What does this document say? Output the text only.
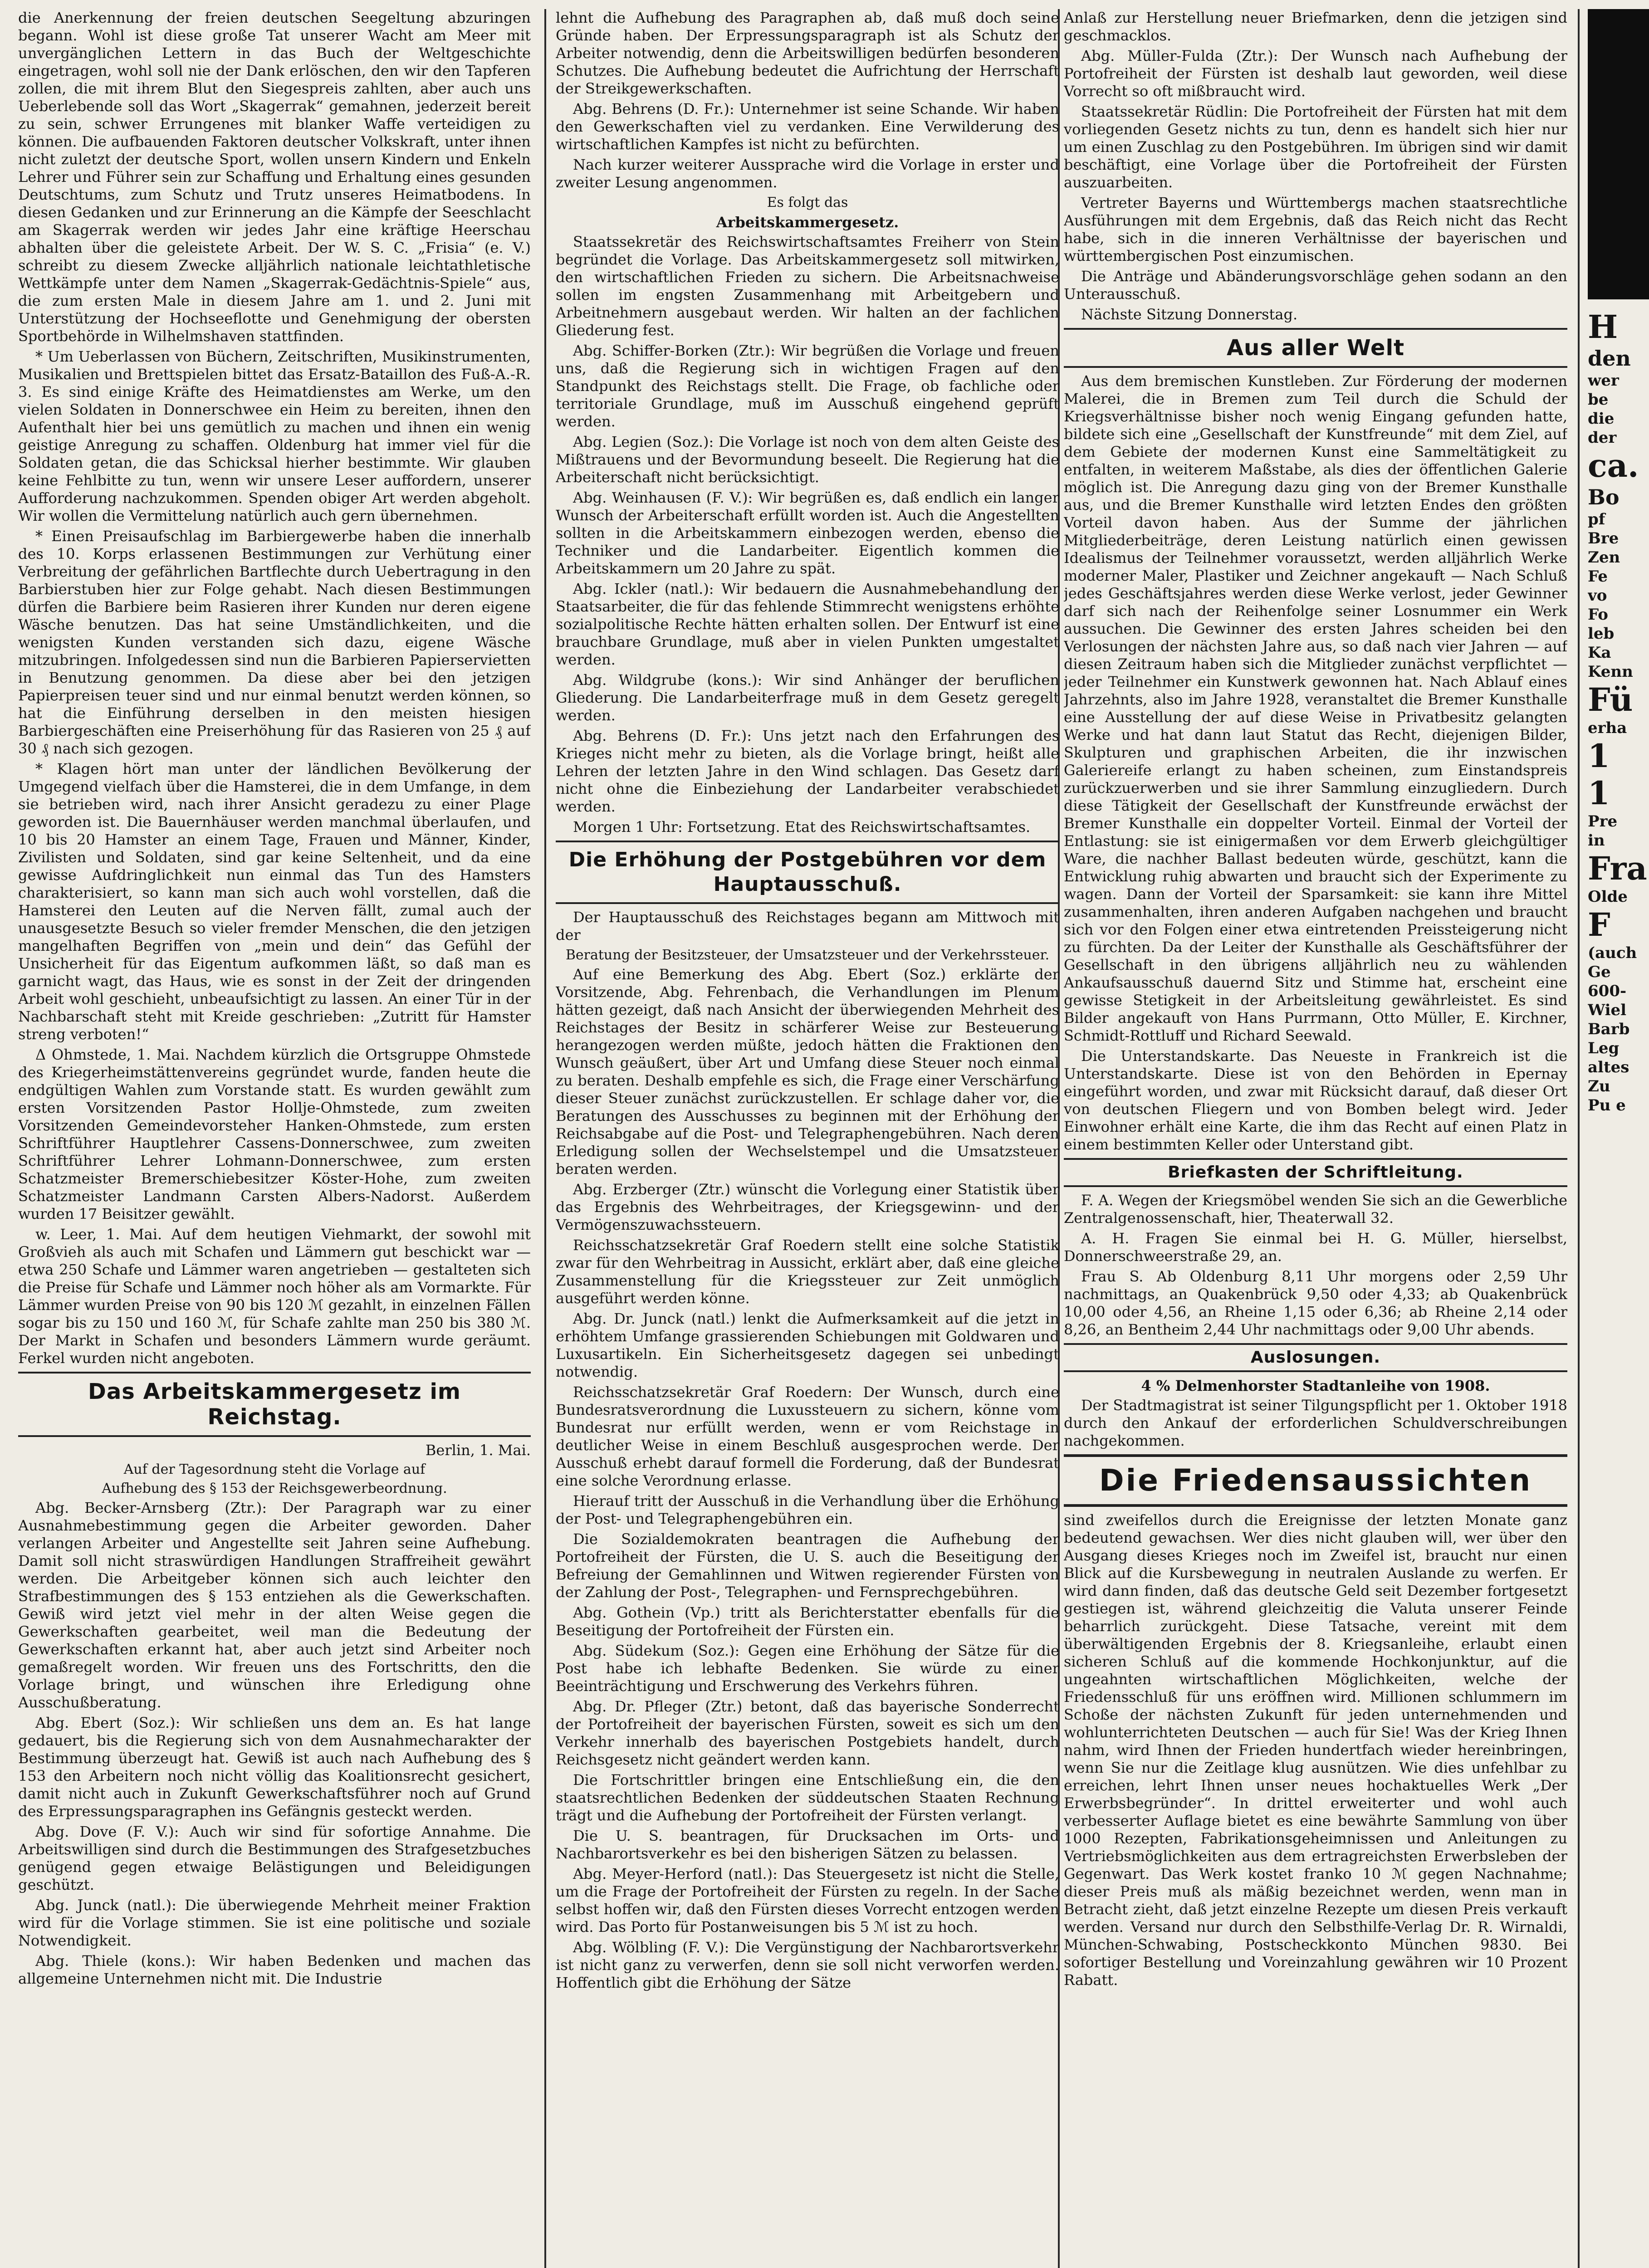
die Anerkennung der freien deutschen Seegeltung abzuringen begann. Wohl ist diese große Tat unserer Wacht am Meer mit unvergänglichen Lettern in das Buch der Weltgeschichte eingetragen, wohl soll nie der Dank erlöschen, den wir den Tapferen zollen, die mit ihrem Blut den Siegespreis zahlten, aber auch uns Ueberlebende soll das Wort „Skagerrak“ gemahnen, jederzeit bereit zu sein, schwer Errungenes mit blanker Waffe verteidigen zu können. Die aufbauenden Faktoren deutscher Volkskraft, unter ihnen nicht zuletzt der deutsche Sport, wollen unsern Kindern und Enkeln Lehrer und Führer sein zur Schaffung und Erhaltung eines gesunden Deutschtums, zum Schutz und Trutz unseres Heimatbodens. In diesen Gedanken und zur Erinnerung an die Kämpfe der Seeschlacht am Skagerrak werden wir jedes Jahr eine kräftige Heerschau abhalten über die geleistete Arbeit. Der W. S. C. „Frisia“ (e. V.) schreibt zu diesem Zwecke alljährlich nationale leichtathletische Wettkämpfe unter dem Namen „Skagerrak-Gedächtnis-Spiele“ aus, die zum ersten Male in diesem Jahre am 1. und 2. Juni mit Unterstützung der Hochseeflotte und Genehmigung der obersten Sportbehörde in Wilhelmshaven stattfinden.

* Um Ueberlassen von Büchern, Zeitschriften, Musikinstrumenten, Musikalien und Brettspielen bittet das Ersatz-Bataillon des Fuß-A.-R. 3. Es sind einige Kräfte des Heimatdienstes am Werke, um den vielen Soldaten in Donnerschwee ein Heim zu bereiten, ihnen den Aufenthalt hier bei uns gemütlich zu machen und ihnen ein wenig geistige Anregung zu schaffen. Oldenburg hat immer viel für die Soldaten getan, die das Schicksal hierher bestimmte. Wir glauben keine Fehlbitte zu tun, wenn wir unsere Leser auffordern, unserer Aufforderung nachzukommen. Spenden obiger Art werden abgeholt. Wir wollen die Vermittelung natürlich auch gern übernehmen.

* Einen Preisaufschlag im Barbiergewerbe haben die innerhalb des 10. Korps erlassenen Bestimmungen zur Verhütung einer Verbreitung der gefährlichen Bartflechte durch Uebertragung in den Barbierstuben hier zur Folge gehabt. Nach diesen Bestimmungen dürfen die Barbiere beim Rasieren ihrer Kunden nur deren eigene Wäsche benutzen. Das hat seine Umständlichkeiten, und die wenigsten Kunden verstanden sich dazu, eigene Wäsche mitzubringen. Infolgedessen sind nun die Barbieren Papierservietten in Benutzung genommen. Da diese aber bei den jetzigen Papierpreisen teuer sind und nur einmal benutzt werden können, so hat die Einführung derselben in den meisten hiesigen Barbiergeschäften eine Preiserhöhung für das Rasieren von 25 ₰ auf 30 ₰ nach sich gezogen.

* Klagen hört man unter der ländlichen Bevölkerung der Umgegend vielfach über die Hamsterei, die in dem Umfange, in dem sie betrieben wird, nach ihrer Ansicht geradezu zu einer Plage geworden ist. Die Bauernhäuser werden manchmal überlaufen, und 10 bis 20 Hamster an einem Tage, Frauen und Männer, Kinder, Zivilisten und Soldaten, sind gar keine Seltenheit, und da eine gewisse Aufdringlichkeit nun einmal das Tun des Hamsters charakterisiert, so kann man sich auch wohl vorstellen, daß die Hamsterei den Leuten auf die Nerven fällt, zumal auch der unausgesetzte Besuch so vieler fremder Menschen, die den jetzigen mangelhaften Begriffen von „mein und dein“ das Gefühl der Unsicherheit für das Eigentum aufkommen läßt, so daß man es garnicht wagt, das Haus, wie es sonst in der Zeit der dringenden Arbeit wohl geschieht, unbeaufsichtigt zu lassen. An einer Tür in der Nachbarschaft steht mit Kreide geschrieben: „Zutritt für Hamster streng verboten!“

Δ Ohmstede, 1. Mai. Nachdem kürzlich die Ortsgruppe Ohmstede des Kriegerheimstättenvereins gegründet wurde, fanden heute die endgültigen Wahlen zum Vorstande statt. Es wurden gewählt zum ersten Vorsitzenden Pastor Hollje-Ohmstede, zum zweiten Vorsitzenden Gemeindevorsteher Hanken-Ohmstede, zum ersten Schriftführer Hauptlehrer Cassens-Donnerschwee, zum zweiten Schriftführer Lehrer Lohmann-Donnerschwee, zum ersten Schatzmeister Bremerschiebesitzer Köster-Hohe, zum zweiten Schatzmeister Landmann Carsten Albers-Nadorst. Außerdem wurden 17 Beisitzer gewählt.

w. Leer, 1. Mai. Auf dem heutigen Viehmarkt, der sowohl mit Großvieh als auch mit Schafen und Lämmern gut beschickt war — etwa 250 Schafe und Lämmer waren angetrieben — gestalteten sich die Preise für Schafe und Lämmer noch höher als am Vormarkte. Für Lämmer wurden Preise von 90 bis 120 ℳ gezahlt, in einzelnen Fällen sogar bis zu 150 und 160 ℳ, für Schafe zahlte man 250 bis 380 ℳ. Der Markt in Schafen und besonders Lämmern wurde geräumt. Ferkel wurden nicht angeboten.

Das Arbeitskammergesetz im Reichstag.
Berlin, 1. Mai.
Auf der Tagesordnung steht die Vorlage auf
Aufhebung des § 153 der Reichsgewerbeordnung.

Abg. Becker-Arnsberg (Ztr.): Der Paragraph war zu einer Ausnahmebestimmung gegen die Arbeiter geworden. Daher verlangen Arbeiter und Angestellte seit Jahren seine Aufhebung. Damit soll nicht straswürdigen Handlungen Straffreiheit gewährt werden. Die Arbeitgeber können sich auch leichter den Strafbestimmungen des § 153 entziehen als die Gewerkschaften. Gewiß wird jetzt viel mehr in der alten Weise gegen die Gewerkschaften gearbeitet, weil man die Bedeutung der Gewerkschaften erkannt hat, aber auch jetzt sind Arbeiter noch gemaßregelt worden. Wir freuen uns des Fortschritts, den die Vorlage bringt, und wünschen ihre Erledigung ohne Ausschußberatung.

Abg. Ebert (Soz.): Wir schließen uns dem an. Es hat lange gedauert, bis die Regierung sich von dem Ausnahmecharakter der Bestimmung überzeugt hat. Gewiß ist auch nach Aufhebung des § 153 den Arbeitern noch nicht völlig das Koalitionsrecht gesichert, damit nicht auch in Zukunft Gewerkschaftsführer noch auf Grund des Erpressungsparagraphen ins Gefängnis gesteckt werden.

Abg. Dove (F. V.): Auch wir sind für sofortige Annahme. Die Arbeitswilligen sind durch die Bestimmungen des Strafgesetzbuches genügend gegen etwaige Belästigungen und Beleidigungen geschützt.

Abg. Junck (natl.): Die überwiegende Mehrheit meiner Fraktion wird für die Vorlage stimmen. Sie ist eine politische und soziale Notwendigkeit.

Abg. Thiele (kons.): Wir haben Bedenken und machen das allgemeine Unternehmen nicht mit. Die Industrie

lehnt die Aufhebung des Paragraphen ab, daß muß doch seine Gründe haben. Der Erpressungsparagraph ist als Schutz der Arbeiter notwendig, denn die Arbeitswilligen bedürfen besonderen Schutzes. Die Aufhebung bedeutet die Aufrichtung der Herrschaft der Streikgewerkschaften.

Abg. Behrens (D. Fr.): Unternehmer ist seine Schande. Wir haben den Gewerkschaften viel zu verdanken. Eine Verwilderung des wirtschaftlichen Kampfes ist nicht zu befürchten.

Nach kurzer weiterer Aussprache wird die Vorlage in erster und zweiter Lesung angenommen.

Es folgt das
Arbeitskammergesetz.

Staatssekretär des Reichswirtschaftsamtes Freiherr von Stein begründet die Vorlage. Das Arbeitskammergesetz soll mitwirken, den wirtschaftlichen Frieden zu sichern. Die Arbeitsnachweise sollen im engsten Zusammenhang mit Arbeitgebern und Arbeitnehmern ausgebaut werden. Wir halten an der fachlichen Gliederung fest.

Abg. Schiffer-Borken (Ztr.): Wir begrüßen die Vorlage und freuen uns, daß die Regierung sich in wichtigen Fragen auf den Standpunkt des Reichstags stellt. Die Frage, ob fachliche oder territoriale Grundlage, muß im Ausschuß eingehend geprüft werden.

Abg. Legien (Soz.): Die Vorlage ist noch von dem alten Geiste des Mißtrauens und der Bevormundung beseelt. Die Regierung hat die Arbeiterschaft nicht berücksichtigt.

Abg. Weinhausen (F. V.): Wir begrüßen es, daß endlich ein langer Wunsch der Arbeiterschaft erfüllt worden ist. Auch die Angestellten sollten in die Arbeitskammern einbezogen werden, ebenso die Techniker und die Landarbeiter. Eigentlich kommen die Arbeitskammern um 20 Jahre zu spät.

Abg. Ickler (natl.): Wir bedauern die Ausnahmebehandlung der Staatsarbeiter, die für das fehlende Stimmrecht wenigstens erhöhte sozialpolitische Rechte hätten erhalten sollen. Der Entwurf ist eine brauchbare Grundlage, muß aber in vielen Punkten umgestaltet werden.

Abg. Wildgrube (kons.): Wir sind Anhänger der beruflichen Gliederung. Die Landarbeiterfrage muß in dem Gesetz geregelt werden.

Abg. Behrens (D. Fr.): Uns jetzt nach den Erfahrungen des Krieges nicht mehr zu bieten, als die Vorlage bringt, heißt alle Lehren der letzten Jahre in den Wind schlagen. Das Gesetz darf nicht ohne die Einbeziehung der Landarbeiter verabschiedet werden.

Morgen 1 Uhr: Fortsetzung. Etat des Reichswirtschaftsamtes.

Die Erhöhung der Postgebühren vor dem Hauptausschuß.

Der Hauptausschuß des Reichstages begann am Mittwoch mit der

Beratung der Besitzsteuer, der Umsatzsteuer und der Verkehrssteuer.

Auf eine Bemerkung des Abg. Ebert (Soz.) erklärte der Vorsitzende, Abg. Fehrenbach, die Verhandlungen im Plenum hätten gezeigt, daß nach Ansicht der überwiegenden Mehrheit des Reichstages der Besitz in schärferer Weise zur Besteuerung herangezogen werden müßte, jedoch hätten die Fraktionen den Wunsch geäußert, über Art und Umfang diese Steuer noch einmal zu beraten. Deshalb empfehle es sich, die Frage einer Verschärfung dieser Steuer zunächst zurückzustellen. Er schlage daher vor, die Beratungen des Ausschusses zu beginnen mit der Erhöhung der Reichsabgabe auf die Post- und Telegraphengebühren. Nach deren Erledigung sollen der Wechselstempel und die Umsatzsteuer beraten werden.

Abg. Erzberger (Ztr.) wünscht die Vorlegung einer Statistik über das Ergebnis des Wehrbeitrages, der Kriegsgewinn- und der Vermögenszuwachssteuern.

Reichsschatzsekretär Graf Roedern stellt eine solche Statistik zwar für den Wehrbeitrag in Aussicht, erklärt aber, daß eine gleiche Zusammenstellung für die Kriegssteuer zur Zeit unmöglich ausgeführt werden könne.

Abg. Dr. Junck (natl.) lenkt die Aufmerksamkeit auf die jetzt in erhöhtem Umfange grassierenden Schiebungen mit Goldwaren und Luxusartikeln. Ein Sicherheitsgesetz dagegen sei unbedingt notwendig.

Reichsschatzsekretär Graf Roedern: Der Wunsch, durch eine Bundesratsverordnung die Luxussteuern zu sichern, könne vom Bundesrat nur erfüllt werden, wenn er vom Reichstage in deutlicher Weise in einem Beschluß ausgesprochen werde. Der Ausschuß erhebt darauf formell die Forderung, daß der Bundesrat eine solche Verordnung erlasse.

Hierauf tritt der Ausschuß in die Verhandlung über die Erhöhung der Post- und Telegraphengebühren ein.

Die Sozialdemokraten beantragen die Aufhebung der Portofreiheit der Fürsten, die U. S. auch die Beseitigung der Befreiung der Gemahlinnen und Witwen regierender Fürsten von der Zahlung der Post-, Telegraphen- und Fernsprechgebühren.

Abg. Gothein (Vp.) tritt als Berichterstatter ebenfalls für die Beseitigung der Portofreiheit der Fürsten ein.

Abg. Südekum (Soz.): Gegen eine Erhöhung der Sätze für die Post habe ich lebhafte Bedenken. Sie würde zu einer Beeinträchtigung und Erschwerung des Verkehrs führen.

Abg. Dr. Pfleger (Ztr.) betont, daß das bayerische Sonderrecht der Portofreiheit der bayerischen Fürsten, soweit es sich um den Verkehr innerhalb des bayerischen Postgebiets handelt, durch Reichsgesetz nicht geändert werden kann.

Die Fortschrittler bringen eine Entschließung ein, die den staatsrechtlichen Bedenken der süddeutschen Staaten Rechnung trägt und die Aufhebung der Portofreiheit der Fürsten verlangt.

Die U. S. beantragen, für Drucksachen im Orts- und Nachbarortsverkehr es bei den bisherigen Sätzen zu belassen.

Abg. Meyer-Herford (natl.): Das Steuergesetz ist nicht die Stelle, um die Frage der Portofreiheit der Fürsten zu regeln. In der Sache selbst hoffen wir, daß den Fürsten dieses Vorrecht entzogen werden wird. Das Porto für Postanweisungen bis 5 ℳ ist zu hoch.

Abg. Wölbling (F. V.): Die Vergünstigung der Nachbarortsverkehr ist nicht ganz zu verwerfen, denn sie soll nicht verworfen werden. Hoffentlich gibt die Erhöhung der Sätze

Anlaß zur Herstellung neuer Briefmarken, denn die jetzigen sind geschmacklos.

Abg. Müller-Fulda (Ztr.): Der Wunsch nach Aufhebung der Portofreiheit der Fürsten ist deshalb laut geworden, weil diese Vorrecht so oft mißbraucht wird.

Staatssekretär Rüdlin: Die Portofreiheit der Fürsten hat mit dem vorliegenden Gesetz nichts zu tun, denn es handelt sich hier nur um einen Zuschlag zu den Postgebühren. Im übrigen sind wir damit beschäftigt, eine Vorlage über die Portofreiheit der Fürsten auszuarbeiten.

Vertreter Bayerns und Württembergs machen staatsrechtliche Ausführungen mit dem Ergebnis, daß das Reich nicht das Recht habe, sich in die inneren Verhältnisse der bayerischen und württembergischen Post einzumischen.

Die Anträge und Abänderungsvorschläge gehen sodann an den Unterausschuß.

Nächste Sitzung Donnerstag.

Aus aller Welt

Aus dem bremischen Kunstleben. Zur Förderung der modernen Malerei, die in Bremen zum Teil durch die Schuld der Kriegsverhältnisse bisher noch wenig Eingang gefunden hatte, bildete sich eine „Gesellschaft der Kunstfreunde“ mit dem Ziel, auf dem Gebiete der modernen Kunst eine Sammeltätigkeit zu entfalten, in weiterem Maßstabe, als dies der öffentlichen Galerie möglich ist. Die Anregung dazu ging von der Bremer Kunsthalle aus, und die Bremer Kunsthalle wird letzten Endes den größten Vorteil davon haben. Aus der Summe der jährlichen Mitgliederbeiträge, deren Leistung natürlich einen gewissen Idealismus der Teilnehmer voraussetzt, werden alljährlich Werke moderner Maler, Plastiker und Zeichner angekauft — Nach Schluß jedes Geschäftsjahres werden diese Werke verlost, jeder Gewinner darf sich nach der Reihenfolge seiner Losnummer ein Werk aussuchen. Die Gewinner des ersten Jahres scheiden bei den Verlosungen der nächsten Jahre aus, so daß nach vier Jahren — auf diesen Zeitraum haben sich die Mitglieder zunächst verpflichtet — jeder Teilnehmer ein Kunstwerk gewonnen hat. Nach Ablauf eines Jahrzehnts, also im Jahre 1928, veranstaltet die Bremer Kunsthalle eine Ausstellung der auf diese Weise in Privatbesitz gelangten Werke und hat dann laut Statut das Recht, diejenigen Bilder, Skulpturen und graphischen Arbeiten, die ihr inzwischen Galeriereife erlangt zu haben scheinen, zum Einstandspreis zurückzuerwerben und sie ihrer Sammlung einzugliedern. Durch diese Tätigkeit der Gesellschaft der Kunstfreunde erwächst der Bremer Kunsthalle ein doppelter Vorteil. Einmal der Vorteil der Entlastung: sie ist einigermaßen vor dem Erwerb gleichgültiger Ware, die nachher Ballast bedeuten würde, geschützt, kann die Entwicklung ruhig abwarten und braucht sich der Experimente zu wagen. Dann der Vorteil der Sparsamkeit: sie kann ihre Mittel zusammenhalten, ihren anderen Aufgaben nachgehen und braucht sich vor den Folgen einer etwa eintretenden Preissteigerung nicht zu fürchten. Da der Leiter der Kunsthalle als Geschäftsführer der Gesellschaft in den übrigens alljährlich neu zu wählenden Ankaufsausschuß dauernd Sitz und Stimme hat, erscheint eine gewisse Stetigkeit in der Arbeitsleitung gewährleistet. Es sind Bilder angekauft von Hans Purrmann, Otto Müller, E. Kirchner, Schmidt-Rottluff und Richard Seewald.

Die Unterstandskarte. Das Neueste in Frankreich ist die Unterstandskarte. Diese ist von den Behörden in Epernay eingeführt worden, und zwar mit Rücksicht darauf, daß dieser Ort von deutschen Fliegern und von Bomben belegt wird. Jeder Einwohner erhält eine Karte, die ihm das Recht auf einen Platz in einem bestimmten Keller oder Unterstand gibt.

Briefkasten der Schriftleitung.

F. A. Wegen der Kriegsmöbel wenden Sie sich an die Gewerbliche Zentralgenossenschaft, hier, Theaterwall 32.

A. H. Fragen Sie einmal bei H. G. Müller, hierselbst, Donnerschweerstraße 29, an.

Frau S. Ab Oldenburg 8,11 Uhr morgens oder 2,59 Uhr nachmittags, an Quakenbrück 9,50 oder 4,33; ab Quakenbrück 10,00 oder 4,56, an Rheine 1,15 oder 6,36; ab Rheine 2,14 oder 8,26, an Bentheim 2,44 Uhr nachmittags oder 9,00 Uhr abends.

Auslosungen.
4 % Delmenhorster Stadtanleihe von 1908.

Der Stadtmagistrat ist seiner Tilgungspflicht per 1. Oktober 1918 durch den Ankauf der erforderlichen Schuldverschreibungen nachgekommen.

Die Friedensaussichten

sind zweifellos durch die Ereignisse der letzten Monate ganz bedeutend gewachsen. Wer dies nicht glauben will, wer über den Ausgang dieses Krieges noch im Zweifel ist, braucht nur einen Blick auf die Kursbewegung in neutralen Auslande zu werfen. Er wird dann finden, daß das deutsche Geld seit Dezember fortgesetzt gestiegen ist, während gleichzeitig die Valuta unserer Feinde beharrlich zurückgeht. Diese Tatsache, vereint mit dem überwältigenden Ergebnis der 8. Kriegsanleihe, erlaubt einen sicheren Schluß auf die kommende Hochkonjunktur, auf die ungeahnten wirtschaftlichen Möglichkeiten, welche der Friedensschluß für uns eröffnen wird. Millionen schlummern im Schoße der nächsten Zukunft für jeden unternehmenden und wohlunterrichteten Deutschen — auch für Sie! Was der Krieg Ihnen nahm, wird Ihnen der Frieden hundertfach wieder hereinbringen, wenn Sie nur die Zeitlage klug ausnützen. Wie dies unfehlbar zu erreichen, lehrt Ihnen unser neues hochaktuelles Werk „Der Erwerbsbegründer“. In drittel erweiterter und wohl auch verbesserter Auflage bietet es eine bewährte Sammlung von über 1000 Rezepten, Fabrikationsgeheimnissen und Anleitungen zu Vertriebsmöglichkeiten aus dem ertragreichsten Erwerbsleben der Gegenwart. Das Werk kostet franko 10 ℳ gegen Nachnahme; dieser Preis muß als mäßig bezeichnet werden, wenn man in Betracht zieht, daß jetzt einzelne Rezepte um diesen Preis verkauft werden. Versand nur durch den Selbsthilfe-Verlag Dr. R. Wirnaldi, München-Schwabing, Postscheckkonto München 9830. Bei sofortiger Bestellung und Voreinzahlung gewähren wir 10 Prozent Rabatt.

H

den

wer

be

die

der

ca.

Bo

pf

Bre

Zen

Fe

vo

Fo

leb

Ka

Kenn

Fü

erha

1

1

Pre

in

Fra

Olde

F

(auch

Ge

600-

Wiel

Barb

Leg

altes

Zu

Pu e
